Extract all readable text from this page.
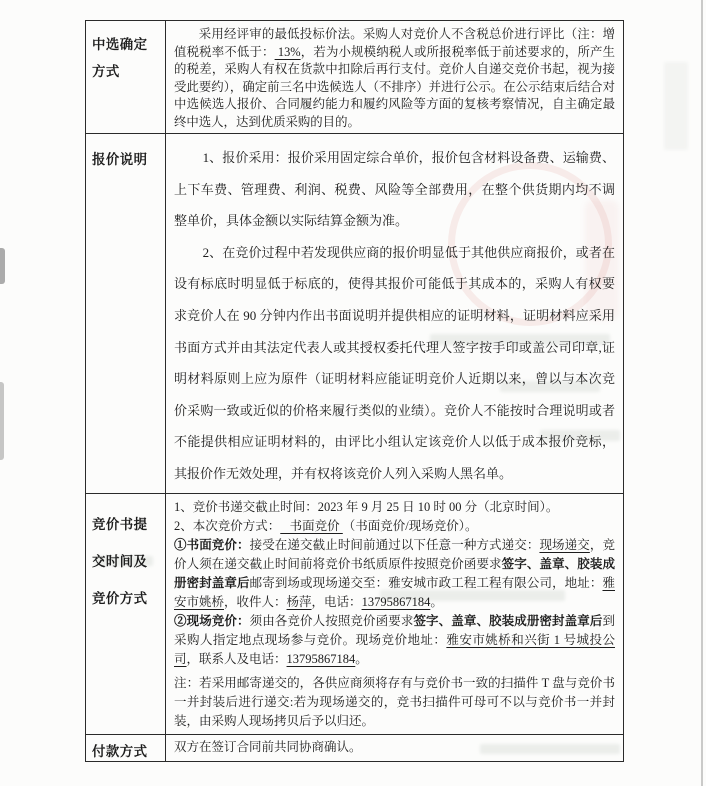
中选确定方式

采用经评审的最低投标价法。采购人对竞价人不含税总价进行评比（注：增值税税率不低于： 13%，若为小规模纳税人或所报税率低于前述要求的，所产生的税差，采购人有权在货款中扣除后再行支付。竞价人自递交竞价书起，视为接受此要约），确定前三名中选候选人（不排序）并进行公示。在公示结束后结合对中选候选人报价、合同履约能力和履约风险等方面的复核考察情况，自主确定最终中选人，达到优质采购的目的。

报价说明	1、报价采用：报价采用固定综合单价，报价包含材料设备费、运输费、上下车费、管理费、利润、税费、风险等全部费用，在整个供货期内均不调整单价，具体金额以实际结算金额为准。

2、在竞价过程中若发现供应商的报价明显低于其他供应商报价，或者在设有标底时明显低于标底的，使得其报价可能低于其成本的，采购人有权要求竞价人在 90 分钟内作出书面说明并提供相应的证明材料，证明材料应采用书面方式并由其法定代表人或其授权委托代理人签字按手印或盖公司印章,证明材料原则上应为原件（证明材料应能证明竞价人近期以来，曾以与本次竞价采购一致或近似的价格来履行类似的业绩）。竞价人不能按时合理说明或者不能提供相应证明材料的，由评比小组认定该竞价人以低于成本报价竞标，其报价作无效处理，并有权将该竞价人列入采购人黑名单。

竞价书提交时间及竞价方式

1、竞价书递交截止时间：2023 年 9 月 25 日 10 时 00 分（北京时间）。

2、本次竞价方式：   书面竞价 （书面竞价/现场竞价）。

①书面竞价：接受在递交截止时间前通过以下任意一种方式递交：现场递交，竞价人须在递交截止时间前将竞价书纸质原件按照竞价函要求签字、盖章、胶装成册密封盖章后邮寄到场或现场递交至：雅安城市政工程工程有限公司，地址：雅安市姚桥，收件人：杨萍，电话：13795867184。

②现场竞价：须由各竞价人按照竞价函要求签字、盖章、胶装成册密封盖章后到采购人指定地点现场参与竞价。现场竞价地址：雅安市姚桥和兴街 1 号城投公司，联系人及电话：13795867184。

注：若采用邮寄递交的，各供应商须将存有与竞价书一致的扫描件 T 盘与竞价书一并封装后进行递交:若为现场递交的，竞书扫描件可母可不以与竞价书一并封装，由采购人现场拷贝后予以归还。

付款方式	双方在签订合同前共同协商确认。
